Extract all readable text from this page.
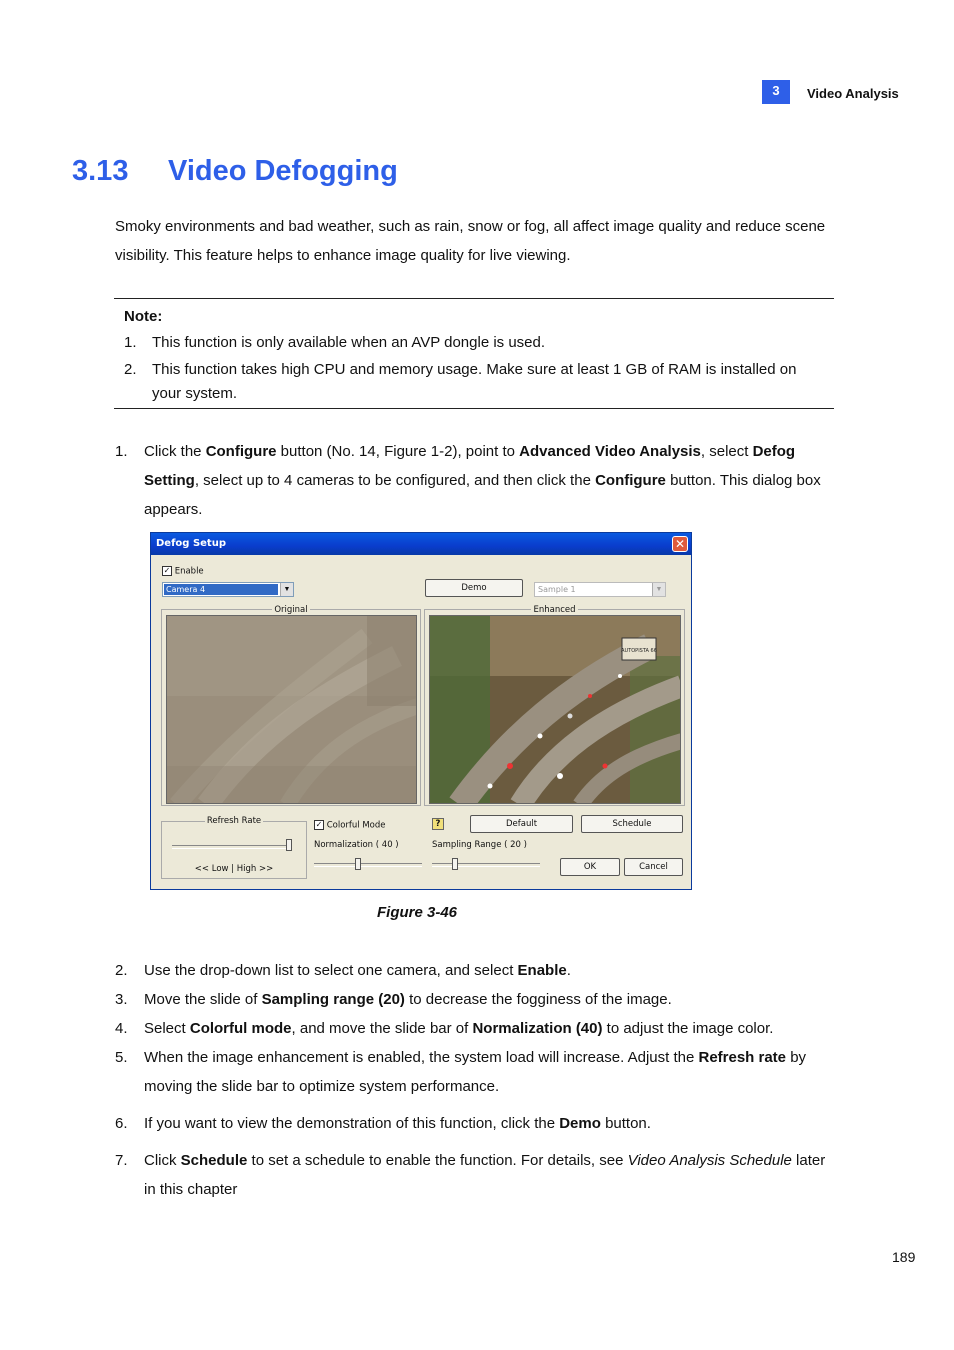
3	Video Analysis
3.13 Video Defogging
Smoky environments and bad weather, such as rain, snow or fog, all affect image quality and reduce scene visibility. This feature helps to enhance image quality for live viewing.
Note:
1. This function is only available when an AVP dongle is used.
2. This function takes high CPU and memory usage. Make sure at least 1 GB of RAM is installed on your system.
1. Click the Configure button (No. 14, Figure 1-2), point to Advanced Video Analysis, select Defog Setting, select up to 4 cameras to be configured, and then click the Configure button. This dialog box appears.
Defog Setup	✕
✓ Enable
Camera 4	▼	Demo	Sample 1	▼
Original	Enhanced
AUTOPISTA 66
Refresh Rate
<< Low | High >>
✓ Colorful Mode
Normalization ( 40 )
?
Sampling Range ( 20 )
Default	Schedule
OK	Cancel
Figure 3-46
2. Use the drop-down list to select one camera, and select Enable.
3. Move the slide of Sampling range (20) to decrease the fogginess of the image.
4. Select Colorful mode, and move the slide bar of Normalization (40) to adjust the image color.
5. When the image enhancement is enabled, the system load will increase. Adjust the Refresh rate by moving the slide bar to optimize system performance.
6. If you want to view the demonstration of this function, click the Demo button.
7. Click Schedule to set a schedule to enable the function. For details, see Video Analysis Schedule later in this chapter
189
